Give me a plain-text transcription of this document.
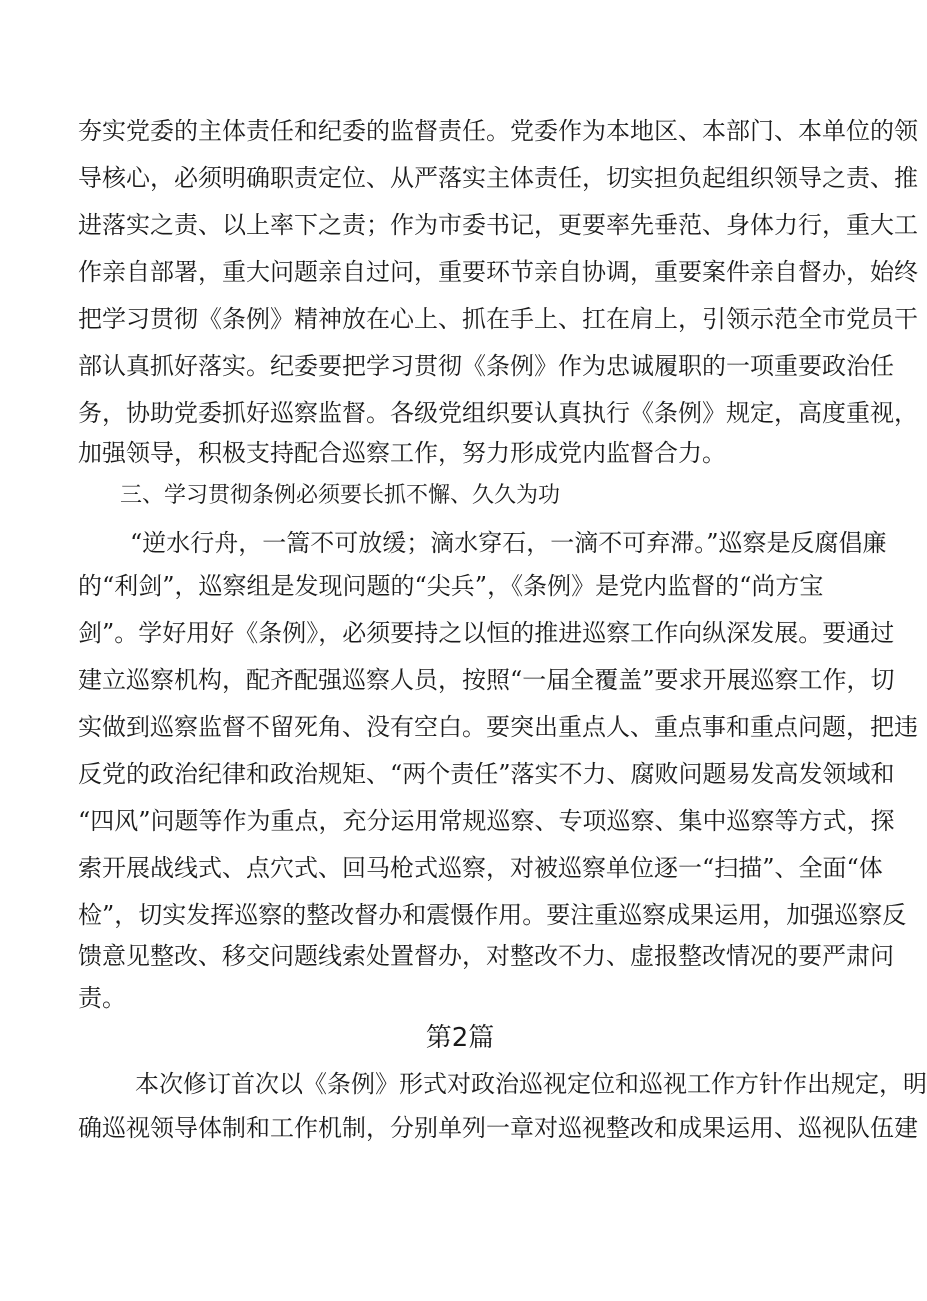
夯实党委的主体责任和纪委的监督责任。党委作为本地区、本部门、本单位的领
导核心，必须明确职责定位、从严落实主体责任，切实担负起组织领导之责、推
进落实之责、以上率下之责；作为市委书记，更要率先垂范、身体力行，重大工
作亲自部署，重大问题亲自过问，重要环节亲自协调，重要案件亲自督办，始终
把学习贯彻《条例》精神放在心上、抓在手上、扛在肩上，引领示范全市党员干
部认真抓好落实。纪委要把学习贯彻《条例》作为忠诚履职的一项重要政治任
务，协助党委抓好巡察监督。各级党组织要认真执行《条例》规定，高度重视，
加强领导，积极支持配合巡察工作，努力形成党内监督合力。
三、学习贯彻条例必须要长抓不懈、久久为功
“逆水行舟，一篙不可放缓；滴水穿石，一滴不可弃滞。”巡察是反腐倡廉
的“利剑”，巡察组是发现问题的“尖兵”，《条例》是党内监督的“尚方宝
剑”。学好用好《条例》，必须要持之以恒的推进巡察工作向纵深发展。要通过
建立巡察机构，配齐配强巡察人员，按照“一届全覆盖”要求开展巡察工作，切
实做到巡察监督不留死角、没有空白。要突出重点人、重点事和重点问题，把违
反党的政治纪律和政治规矩、“两个责任”落实不力、腐败问题易发高发领域和
“四风”问题等作为重点，充分运用常规巡察、专项巡察、集中巡察等方式，探
索开展战线式、点穴式、回马枪式巡察，对被巡察单位逐一“扫描”、全面“体
检”，切实发挥巡察的整改督办和震慑作用。要注重巡察成果运用，加强巡察反
馈意见整改、移交问题线索处置督办，对整改不力、虚报整改情况的要严肃问
责。
第2篇
本次修订首次以《条例》形式对政治巡视定位和巡视工作方针作出规定，明
确巡视领导体制和工作机制，分别单列一章对巡视整改和成果运用、巡视队伍建
